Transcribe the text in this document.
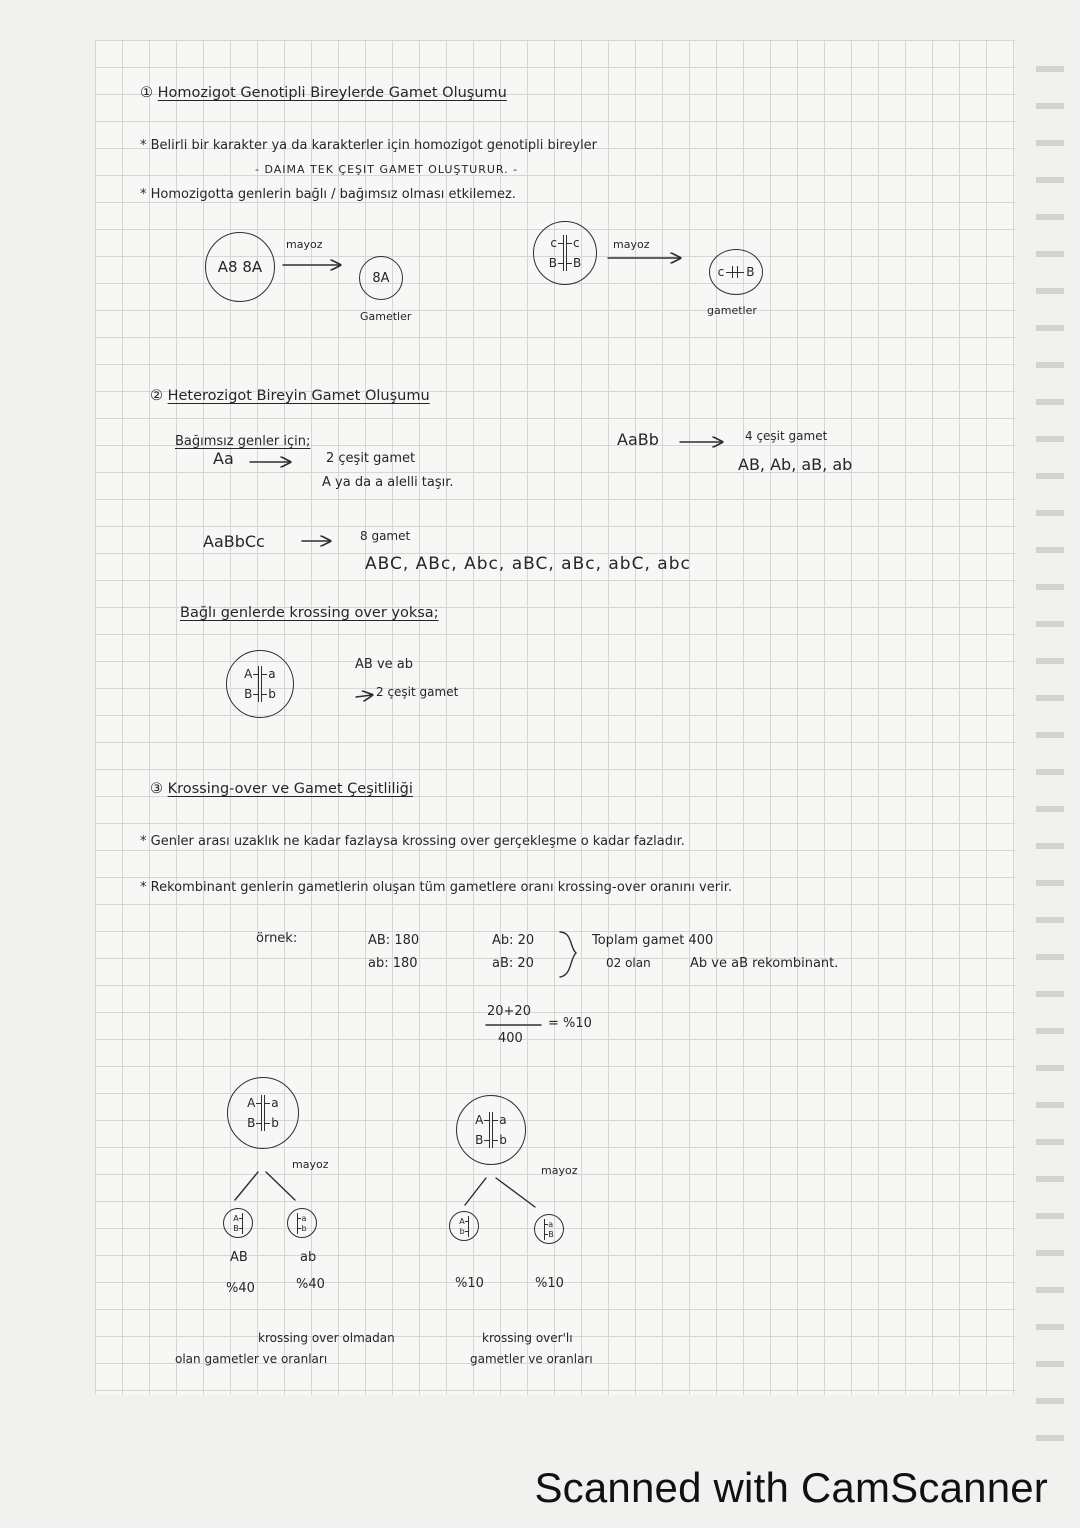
① Homozigot Genotipli Bireylerde Gamet Oluşumu
* Belirli bir karakter ya da karakterler için homozigot genotipli bireyler
- DAIMA TEK ÇEŞIT GAMET OLUŞTURUR. -
* Homozigotta genlerin bağlı / bağımsız olması etkilemez.
A8 8A
mayoz
8A
Gametler
c
B
c
B
mayoz
c B
gametler
② Heterozigot Bireyin Gamet Oluşumu
Bağımsız genler için;
Aa	2 çeşit gamet
A ya da a alelli taşır.
AaBb	4 çeşit gamet
AB, Ab, aB, ab
AaBbCc	8 gamet
ABC, ABc, Abc, aBC, aBc, abC, abc
Bağlı genlerde krossing over yoksa;
A
B
a
b
AB ve ab
2 çeşit gamet
③ Krossing-over ve Gamet Çeşitliliği
* Genler arası uzaklık ne kadar fazlaysa krossing over gerçekleşme o kadar fazladır.
* Rekombinant genlerin gametlerin oluşan tüm gametlere oranı krossing-over oranını verir.
örnek:	AB: 180
ab: 180
Ab: 20
aB: 20
Toplam gamet 400
02 olan	Ab ve aB rekombinant.
20+20
400
= %10
A
B
a
b
mayoz
A
B
a
b
AB	ab
%40	%40
krossing over olmadan
olan gametler ve oranları
A
B
a
b
mayoz
A
b
a
B
%10	%10
krossing over'lı
gametler ve oranları
Scanned with CamScanner
